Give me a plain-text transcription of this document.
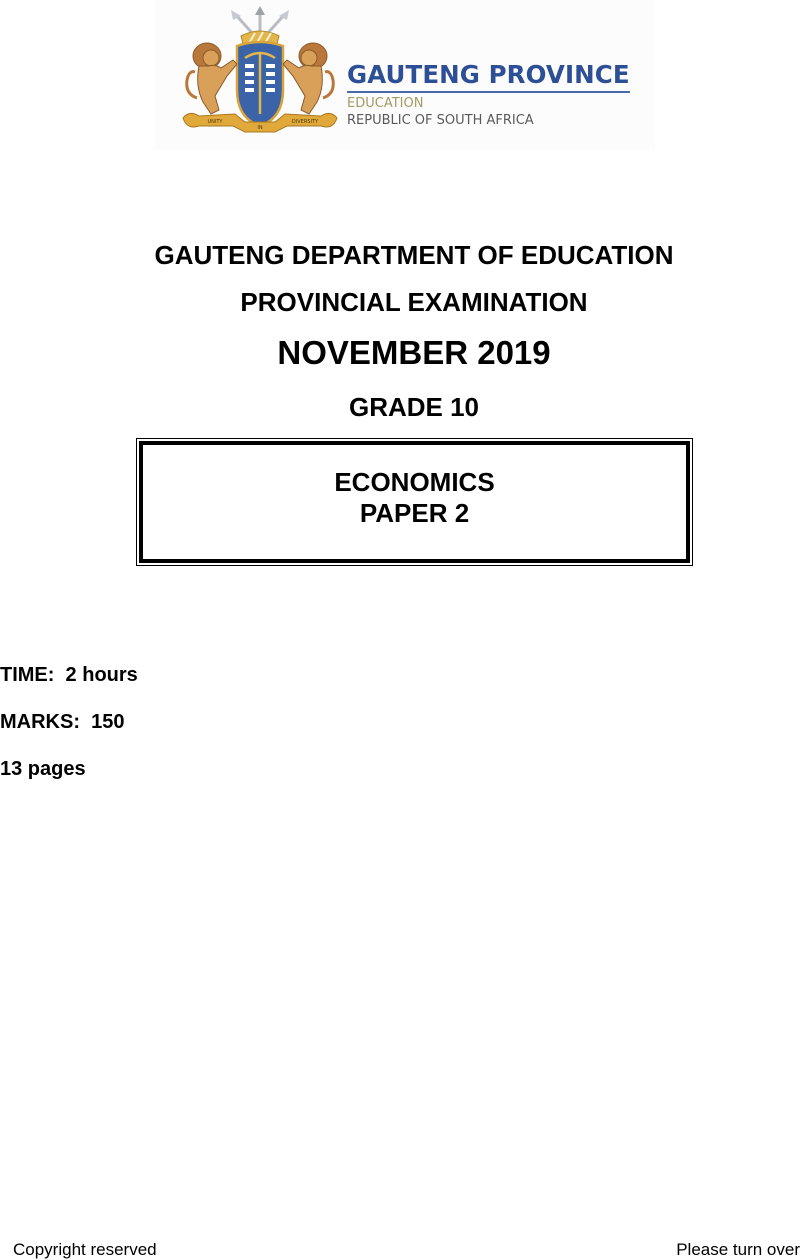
UNITY
IN
DIVERSITY
GAUTENG PROVINCE
EDUCATION
REPUBLIC OF SOUTH AFRICA
GAUTENG DEPARTMENT OF EDUCATION
PROVINCIAL EXAMINATION
NOVEMBER 2019
GRADE 10
ECONOMICS
PAPER 2
TIME:  2 hours
MARKS:  150
13 pages
Copyright reserved	Please turn over
